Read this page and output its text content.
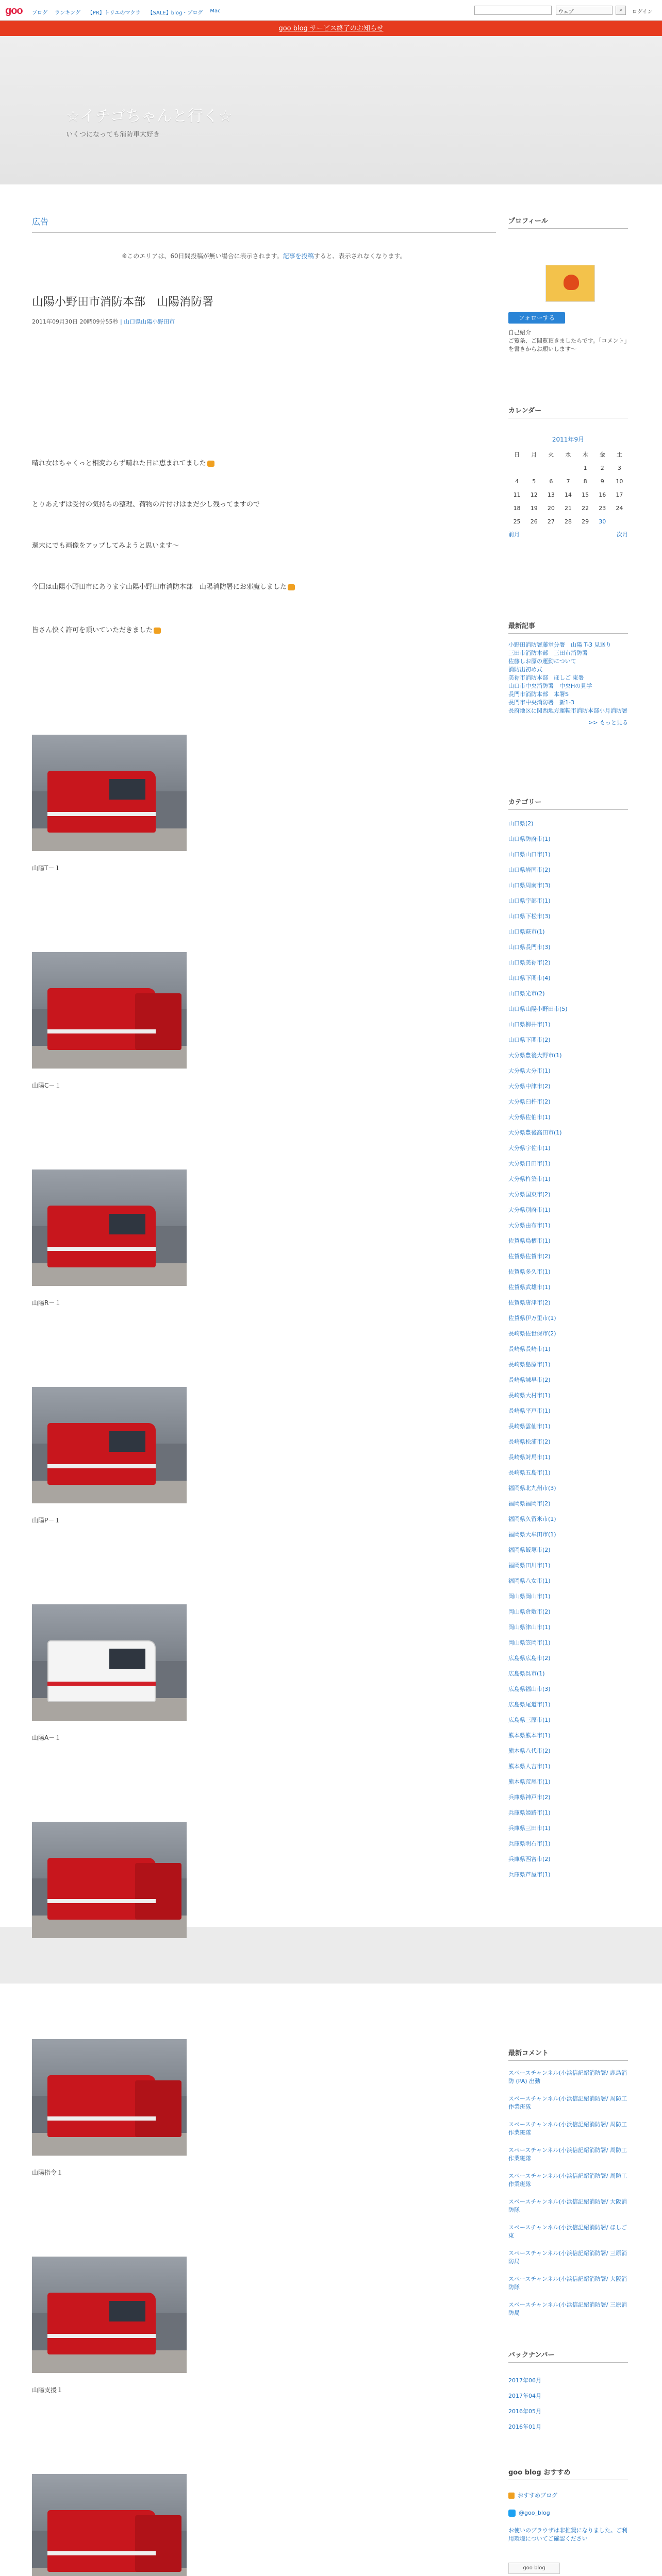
goo ブログ ランキング 【PR】トリエのマクラ 【SALE】blog・ブログ Mac	ウェブ	⌕	ログイン
goo blog サービス終了のお知らせ
☆イチゴちゃんと行く☆
いくつになっても消防車大好き
広告
※このエリアは、60日間投稿が無い場合に表示されます。記事を投稿すると、表示されなくなります。
山陽小野田市消防本部　山陽消防署
2011年09月30日 20時09分55秒 | 山口県山陽小野田市
晴れ女はちゃくっと相変わらず晴れた日に恵まれてました
とりあえずは受付の気持ちの整理、荷物の片付けはまだ少し残ってますので
週末にでも画像をアップしてみようと思います〜
今回は山陽小野田市にあります山陽小野田市消防本部　山陽消防署にお邪魔しました
皆さん快く許可を頂いていただきました
山陽T－１
山陽C－１
山陽R－１
山陽P－１
山陽A－１
山陽指令１
山陽支援１
プロフィール
フォローする
自己紹介
ご覧条、ご閲覧頂きましたらです。「コメント」を書きからお願いします〜
カレンダー
2011年9月
日	月	火	水	木	金	土
				1	2	3
4	5	6	7	8	9	10
11	12	13	14	15	16	17
18	19	20	21	22	23	24
25	26	27	28	29	30	
前月	次月
最新記事
小野田消防署藤堂分署　山陽 T-3 見送り
三田市消防本部　三田市消防署
佐藤しお原の運動について
消防出初め式
美祢市消防本部　ほしご 東署
山口市中央消防署　中央Hの見学
長門市消防本部　本署S
長門市中央消防署　新1-3
長府地区に関西地方運転市消防本部小月消防署
>> もっと見る
カテゴリー
山口県(2)
山口県防府市(1)
山口県山口市(1)
山口県岩国市(2)
山口県周南市(3)
山口県宇部市(1)
山口県下松市(3)
山口県萩市(1)
山口県長門市(3)
山口県美祢市(2)
山口県下関市(4)
山口県光市(2)
山口県山陽小野田市(5)
山口県柳井市(1)
山口県下関市(2)
大分県豊後大野市(1)
大分県大分市(1)
大分県中津市(2)
大分県臼杵市(2)
大分県佐伯市(1)
大分県豊後高田市(1)
大分県宇佐市(1)
大分県日田市(1)
大分県杵築市(1)
大分県国東市(2)
大分県別府市(1)
大分県由布市(1)
佐賀県鳥栖市(1)
佐賀県佐賀市(2)
佐賀県多久市(1)
佐賀県武雄市(1)
佐賀県唐津市(2)
佐賀県伊万里市(1)
長崎県佐世保市(2)
長崎県長崎市(1)
長崎県島原市(1)
長崎県諫早市(2)
長崎県大村市(1)
長崎県平戸市(1)
長崎県雲仙市(1)
長崎県松浦市(2)
長崎県対馬市(1)
長崎県五島市(1)
福岡県北九州市(3)
福岡県福岡市(2)
福岡県久留米市(1)
福岡県大牟田市(1)
福岡県飯塚市(2)
福岡県田川市(1)
福岡県八女市(1)
岡山県岡山市(1)
岡山県倉敷市(2)
岡山県津山市(1)
岡山県笠岡市(1)
広島県広島市(2)
広島県呉市(1)
広島県福山市(3)
広島県尾道市(1)
広島県三原市(1)
熊本県熊本市(1)
熊本県八代市(2)
熊本県人吉市(1)
熊本県荒尾市(1)
兵庫県神戸市(2)
兵庫県姫路市(1)
兵庫県三田市(1)
兵庫県明石市(1)
兵庫県西宮市(2)
兵庫県芦屋市(1)
最新コメント
スペースチャンネル(小浜信記紹消防署/ 鹿島消防 (PA) 出動
スペースチャンネル(小浜信記紹消防署/ 周防工作業班隊
スペースチャンネル(小浜信記紹消防署/ 周防工作業班隊
スペースチャンネル(小浜信記紹消防署/ 周防工作業班隊
スペースチャンネル(小浜信記紹消防署/ 周防工作業班隊
スペースチャンネル(小浜信記紹消防署/ 大阪消防隊
スペースチャンネル(小浜信記紹消防署/ ほしご東
スペースチャンネル(小浜信記紹消防署/ 三原消防局
スペースチャンネル(小浜信記紹消防署/ 大阪消防隊
スペースチャンネル(小浜信記紹消防署/ 三原消防局
バックナンバー
2017年06月
2017年04月
2016年05月
2016年01月
goo blog おすすめ
おすすめブログ
@goo_blog
お使いのブラウザは非推奨になりました。ご利用環境についてご確認ください
goo blog
